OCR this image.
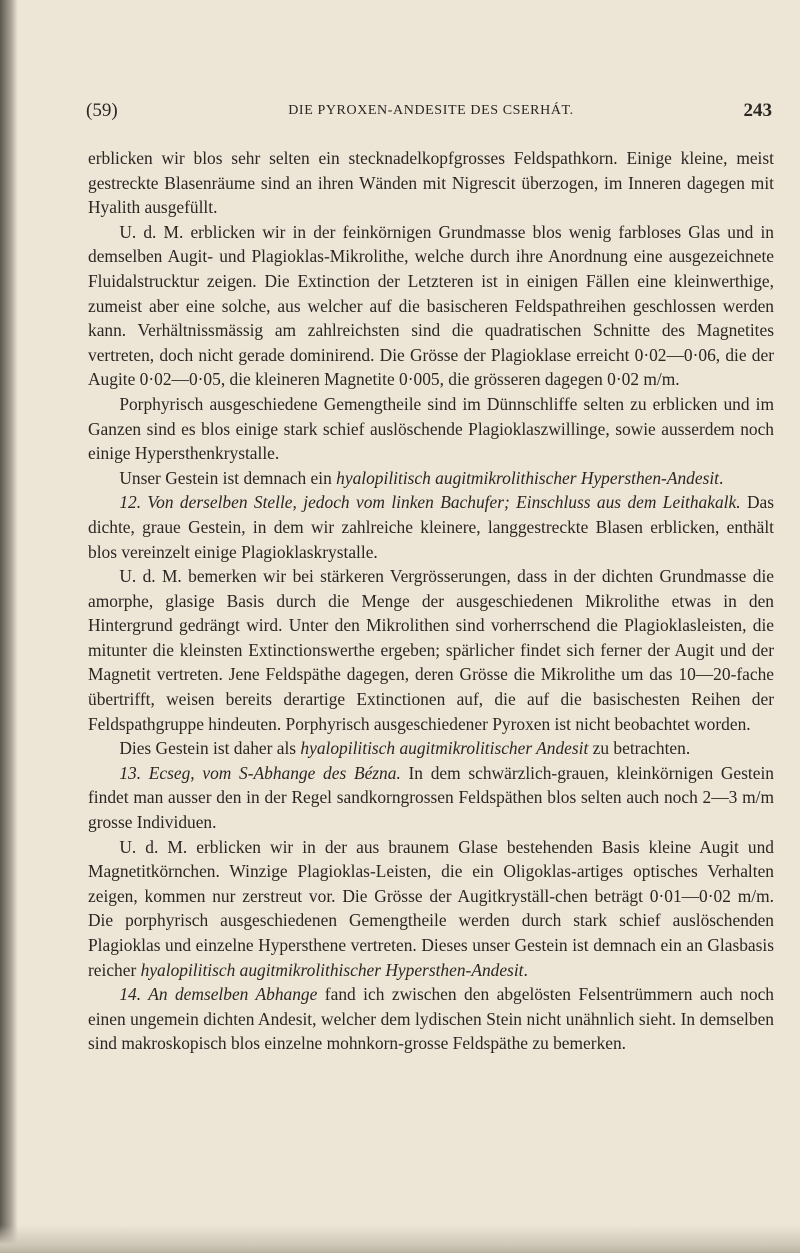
(59)	DIE PYROXEN-ANDESITE DES CSERHÁT.	243

erblicken wir blos sehr selten ein stecknadelkopfgrosses Feldspathkorn. Einige kleine, meist gestreckte Blasenräume sind an ihren Wänden mit Nigrescit überzogen, im Inneren dagegen mit Hyalith ausgefüllt.

U. d. M. erblicken wir in der feinkörnigen Grundmasse blos wenig farbloses Glas und in demselben Augit- und Plagioklas-Mikrolithe, welche durch ihre Anordnung eine ausgezeichnete Fluidalstrucktur zeigen. Die Extinction der Letzteren ist in einigen Fällen eine kleinwerthige, zumeist aber eine solche, aus welcher auf die basischeren Feldspathreihen geschlossen werden kann. Verhältnissmässig am zahlreichsten sind die quadratischen Schnitte des Magnetites vertreten, doch nicht gerade dominirend. Die Grösse der Plagioklase erreicht 0·02—0·06, die der Augite 0·02—0·05, die kleineren Magnetite 0·005, die grösseren dagegen 0·02 m/m.

Porphyrisch ausgeschiedene Gemengtheile sind im Dünnschliffe selten zu erblicken und im Ganzen sind es blos einige stark schief auslöschende Plagioklaszwillinge, sowie ausserdem noch einige Hypersthenkrystalle.

Unser Gestein ist demnach ein hyalopilitisch augitmikrolithischer Hypersthen-Andesit.

12. Von derselben Stelle, jedoch vom linken Bachufer; Einschluss aus dem Leithakalk. Das dichte, graue Gestein, in dem wir zahlreiche kleinere, langgestreckte Blasen erblicken, enthält blos vereinzelt einige Plagioklaskrystalle.

U. d. M. bemerken wir bei stärkeren Vergrösserungen, dass in der dichten Grundmasse die amorphe, glasige Basis durch die Menge der ausgeschiedenen Mikrolithe etwas in den Hintergrund gedrängt wird. Unter den Mikrolithen sind vorherrschend die Plagioklasleisten, die mitunter die kleinsten Extinctionswerthe ergeben; spärlicher findet sich ferner der Augit und der Magnetit vertreten. Jene Feldspäthe dagegen, deren Grösse die Mikrolithe um das 10—20-fache übertrifft, weisen bereits derartige Extinctionen auf, die auf die basischesten Reihen der Feldspathgruppe hindeuten. Porphyrisch ausgeschiedener Pyroxen ist nicht beobachtet worden.

Dies Gestein ist daher als hyalopilitisch augitmikrolitischer Andesit zu betrachten.

13. Ecseg, vom S-Abhange des Bézna. In dem schwärzlich-grauen, kleinkörnigen Gestein findet man ausser den in der Regel sandkorngrossen Feldspäthen blos selten auch noch 2—3 m/m grosse Individuen.

U. d. M. erblicken wir in der aus braunem Glase bestehenden Basis kleine Augit und Magnetitkörnchen. Winzige Plagioklas-Leisten, die ein Oligoklas-artiges optisches Verhalten zeigen, kommen nur zerstreut vor. Die Grösse der Augitkryställ-chen beträgt 0·01—0·02 m/m. Die porphyrisch ausgeschiedenen Gemengtheile werden durch stark schief auslöschenden Plagioklas und einzelne Hypersthene vertreten. Dieses unser Gestein ist demnach ein an Glasbasis reicher hyalopilitisch augitmikrolithischer Hypersthen-Andesit.

14. An demselben Abhange fand ich zwischen den abgelösten Felsentrümmern auch noch einen ungemein dichten Andesit, welcher dem lydischen Stein nicht unähnlich sieht. In demselben sind makroskopisch blos einzelne mohnkorn-grosse Feldspäthe zu bemerken.
